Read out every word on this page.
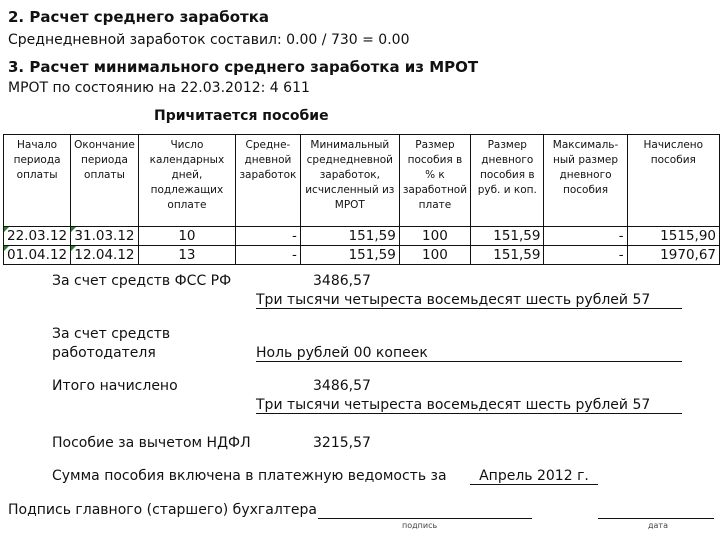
2. Расчет среднего заработка
Среднедневной заработок составил: 0.00 / 730 = 0.00
3. Расчет минимального среднего заработка из МРОТ
МРОТ по состоянию на 22.03.2012: 4 611
Причитается пособие
Начало периода оплаты	Окончание периода оплаты	Число календарных дней, подлежащих оплате	Средне-дневной заработок	Минимальный среднедневной заработок, исчисленный из МРОТ	Размер пособия в % к заработной плате	Размер дневного пособия в руб. и коп.	Максималь-ный размер дневного пособия	Начислено пособия
22.03.12	31.03.12	10	-	151,59	100	151,59	-	1515,90
01.04.12	12.04.12	13	-	151,59	100	151,59	-	1970,67
За счет средств ФСС РФ	3486,57
Три тысячи четыреста восемьдесят шесть рублей 57
За счет средств
работодателя	Ноль рублей 00 копеек
Итого начислено	3486,57
Три тысячи четыреста восемьдесят шесть рублей 57
Пособие за вычетом НДФЛ	3215,57
Сумма пособия включена в платежную ведомость за	Апрель 2012 г.
Подпись главного (старшего) бухгалтера
подпись	дата
